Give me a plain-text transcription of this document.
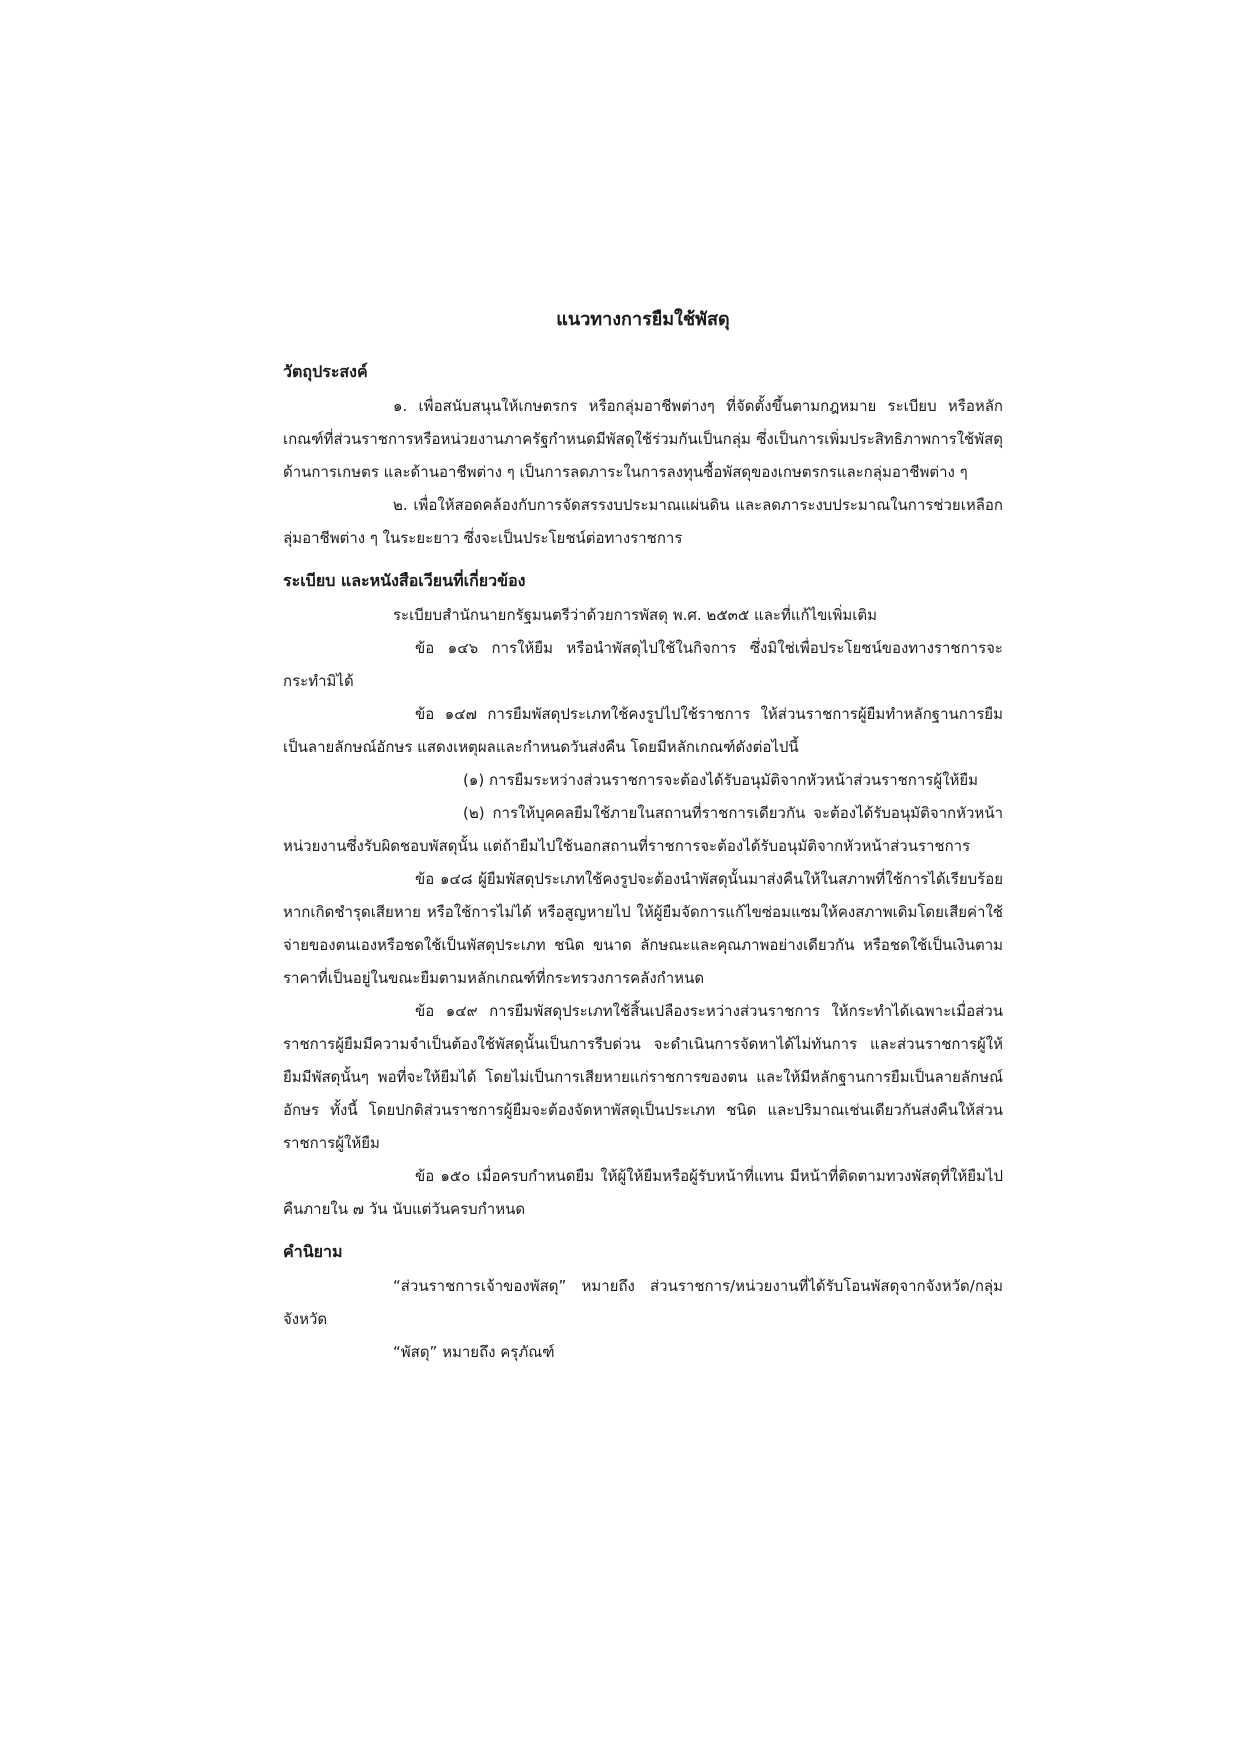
แนวทางการยืมใช้พัสดุ

วัตถุประสงค์

๑. เพื่อสนับสนุนให้เกษตรกร หรือกลุ่มอาชีพต่างๆ ที่จัดตั้งขึ้นตามกฎหมาย ระเบียบ หรือหลักเกณฑ์ที่ส่วนราชการหรือหน่วยงานภาครัฐกำหนดมีพัสดุใช้ร่วมกันเป็นกลุ่ม ซึ่งเป็นการเพิ่มประสิทธิภาพการใช้พัสดุด้านการเกษตร และด้านอาชีพต่าง ๆ เป็นการลดภาระในการลงทุนซื้อพัสดุของเกษตรกรและกลุ่มอาชีพต่าง ๆ

๒. เพื่อให้สอดคล้องกับการจัดสรรงบประมาณแผ่นดิน และลดภาระงบประมาณในการช่วยเหลือกลุ่มอาชีพต่าง ๆ ในระยะยาว ซึ่งจะเป็นประโยชน์ต่อทางราชการ

ระเบียบ และหนังสือเวียนที่เกี่ยวข้อง

ระเบียบสำนักนายกรัฐมนตรีว่าด้วยการพัสดุ พ.ศ. ๒๕๓๕ และที่แก้ไขเพิ่มเติม

ข้อ ๑๔๖ การให้ยืม หรือนำพัสดุไปใช้ในกิจการ ซึ่งมิใช่เพื่อประโยชน์ของทางราชการจะกระทำมิได้

ข้อ ๑๔๗ การยืมพัสดุประเภทใช้คงรูปไปใช้ราชการ ให้ส่วนราชการผู้ยืมทำหลักฐานการยืมเป็นลายลักษณ์อักษร แสดงเหตุผลและกำหนดวันส่งคืน โดยมีหลักเกณฑ์ดังต่อไปนี้

(๑) การยืมระหว่างส่วนราชการจะต้องได้รับอนุมัติจากหัวหน้าส่วนราชการผู้ให้ยืม

(๒) การให้บุคคลยืมใช้ภายในสถานที่ราชการเดียวกัน จะต้องได้รับอนุมัติจากหัวหน้าหน่วยงานซึ่งรับผิดชอบพัสดุนั้น แต่ถ้ายืมไปใช้นอกสถานที่ราชการจะต้องได้รับอนุมัติจากหัวหน้าส่วนราชการ

ข้อ ๑๔๘ ผู้ยืมพัสดุประเภทใช้คงรูปจะต้องนำพัสดุนั้นมาส่งคืนให้ในสภาพที่ใช้การได้เรียบร้อย หากเกิดชำรุดเสียหาย หรือใช้การไม่ได้ หรือสูญหายไป ให้ผู้ยืมจัดการแก้ไขซ่อมแซมให้คงสภาพเดิมโดยเสียค่าใช้จ่ายของตนเองหรือชดใช้เป็นพัสดุประเภท ชนิด ขนาด ลักษณะและคุณภาพอย่างเดียวกัน หรือชดใช้เป็นเงินตามราคาที่เป็นอยู่ในขณะยืมตามหลักเกณฑ์ที่กระทรวงการคลังกำหนด

ข้อ ๑๔๙ การยืมพัสดุประเภทใช้สิ้นเปลืองระหว่างส่วนราชการ ให้กระทำได้เฉพาะเมื่อส่วนราชการผู้ยืมมีความจำเป็นต้องใช้พัสดุนั้นเป็นการรีบด่วน จะดำเนินการจัดหาได้ไม่ทันการ และส่วนราชการผู้ให้ยืมมีพัสดุนั้นๆ พอที่จะให้ยืมได้ โดยไม่เป็นการเสียหายแก่ราชการของตน และให้มีหลักฐานการยืมเป็นลายลักษณ์อักษร ทั้งนี้ โดยปกติส่วนราชการผู้ยืมจะต้องจัดหาพัสดุเป็นประเภท ชนิด และปริมาณเช่นเดียวกันส่งคืนให้ส่วนราชการผู้ให้ยืม

ข้อ ๑๕๐ เมื่อครบกำหนดยืม ให้ผู้ให้ยืมหรือผู้รับหน้าที่แทน มีหน้าที่ติดตามทวงพัสดุที่ให้ยืมไปคืนภายใน ๗ วัน นับแต่วันครบกำหนด

คำนิยาม

“ส่วนราชการเจ้าของพัสดุ” หมายถึง ส่วนราชการ/หน่วยงานที่ได้รับโอนพัสดุจากจังหวัด/กลุ่มจังหวัด

“พัสดุ” หมายถึง ครุภัณฑ์
